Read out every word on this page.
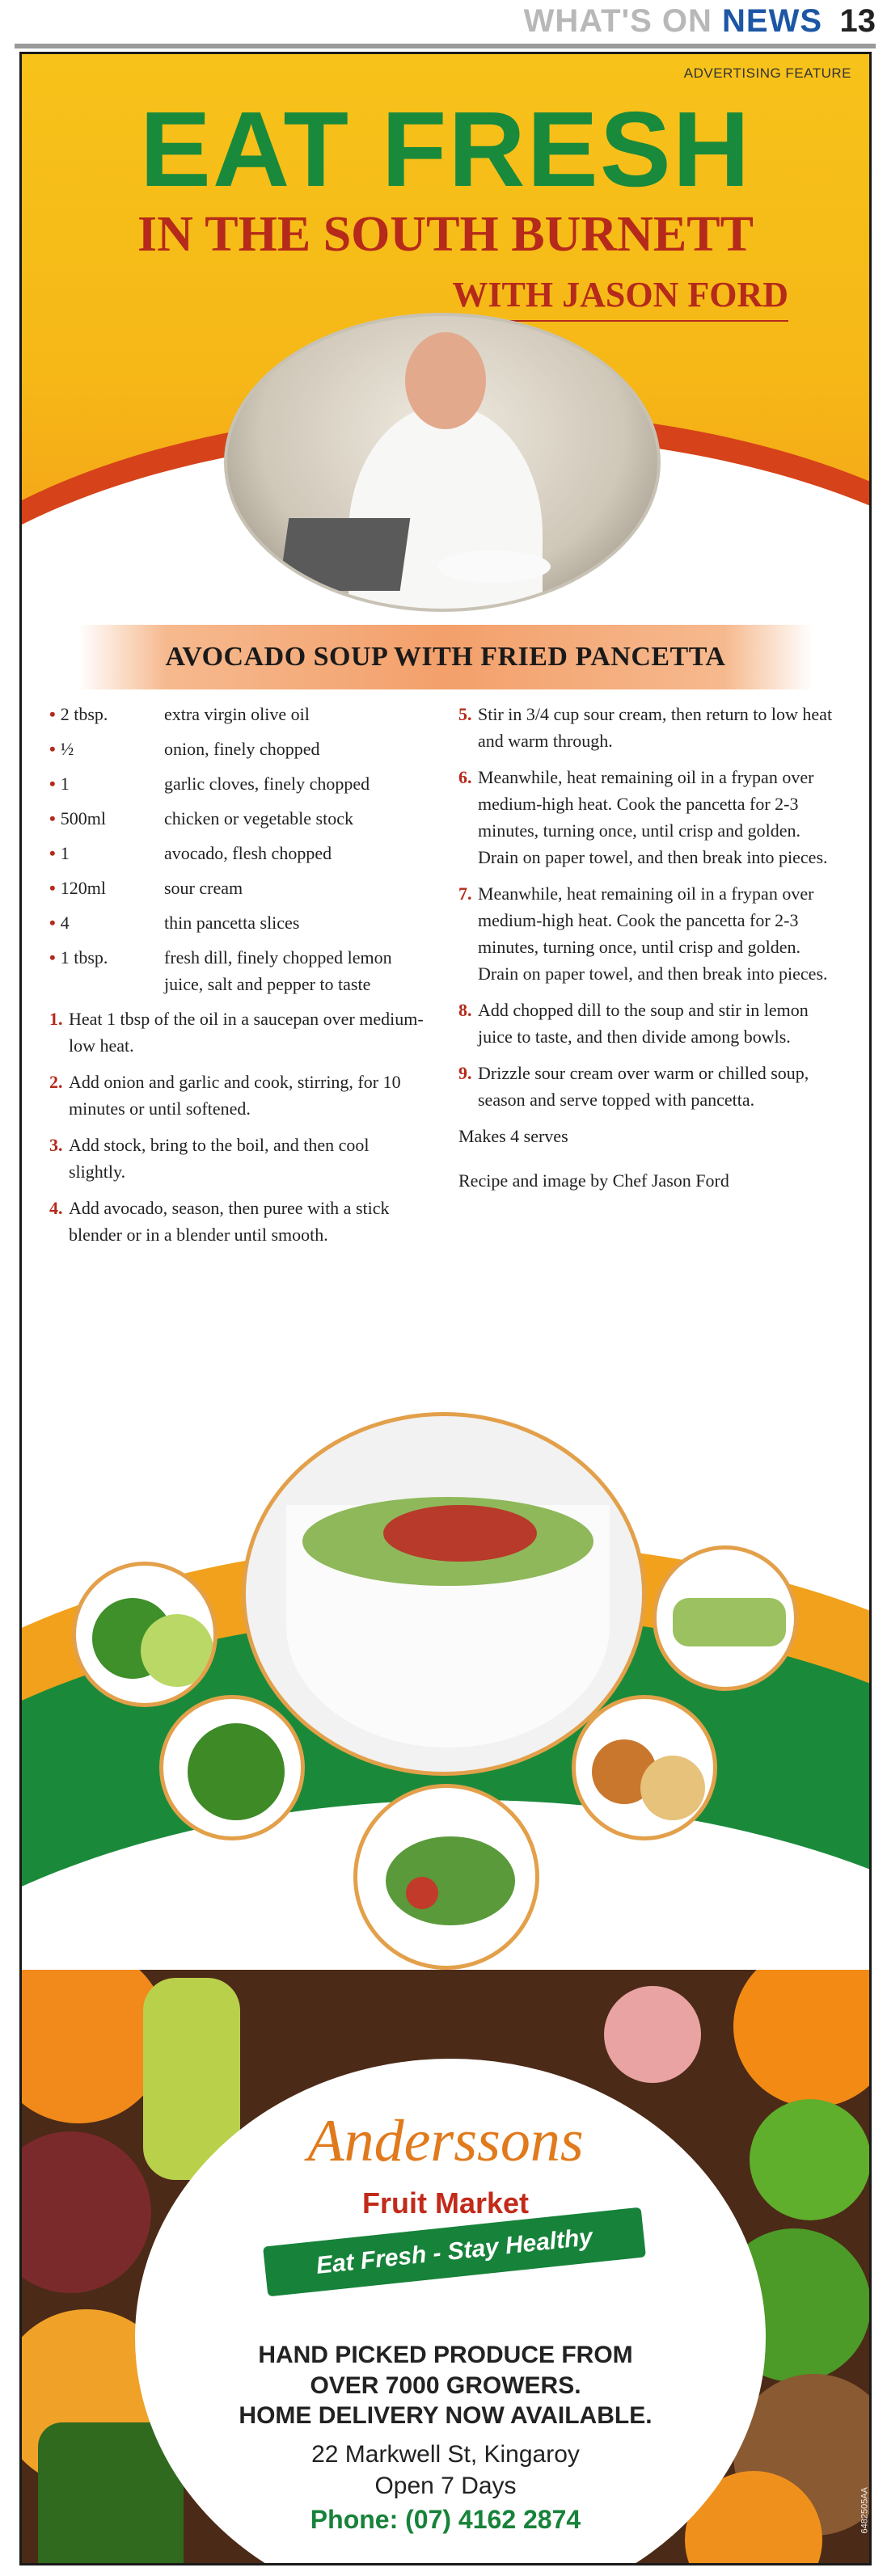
WHAT'S ON NEWS 13
ADVERTISING FEATURE
EAT FRESH
IN THE SOUTH BURNETT
WITH JASON FORD
AVOCADO SOUP WITH FRIED PANCETTA
• 2 tbsp.	extra virgin olive oil
• ½	onion, finely chopped
• 1	garlic cloves, finely chopped
• 500ml	chicken or vegetable stock
• 1	avocado, flesh chopped
• 120ml	sour cream
• 4	thin pancetta slices
• 1 tbsp.	fresh dill, finely chopped lemon juice, salt and pepper to taste
1. Heat 1 tbsp of the oil in a saucepan over medium-low heat.
2. Add onion and garlic and cook, stirring, for 10 minutes or until softened.
3. Add stock, bring to the boil, and then cool slightly.
4. Add avocado, season, then puree with a stick blender or in a blender until smooth.
5. Stir in 3/4 cup sour cream, then return to low heat and warm through.
6. Meanwhile, heat remaining oil in a frypan over medium-high heat. Cook the pancetta for 2-3 minutes, turning once, until crisp and golden. Drain on paper towel, and then break into pieces.
7. Meanwhile, heat remaining oil in a frypan over medium-high heat. Cook the pancetta for 2-3 minutes, turning once, until crisp and golden. Drain on paper towel, and then break into pieces.
8. Add chopped dill to the soup and stir in lemon juice to taste, and then divide among bowls.
9. Drizzle sour cream over warm or chilled soup, season and serve topped with pancetta.
Makes 4 serves
Recipe and image by Chef Jason Ford
Anderssons
Fruit Market
Eat Fresh - Stay Healthy
HAND PICKED PRODUCE FROM
OVER 7000 GROWERS.
HOME DELIVERY NOW AVAILABLE.
22 Markwell St, Kingaroy
Open 7 Days
Phone: (07) 4162 2874	6482505AA
